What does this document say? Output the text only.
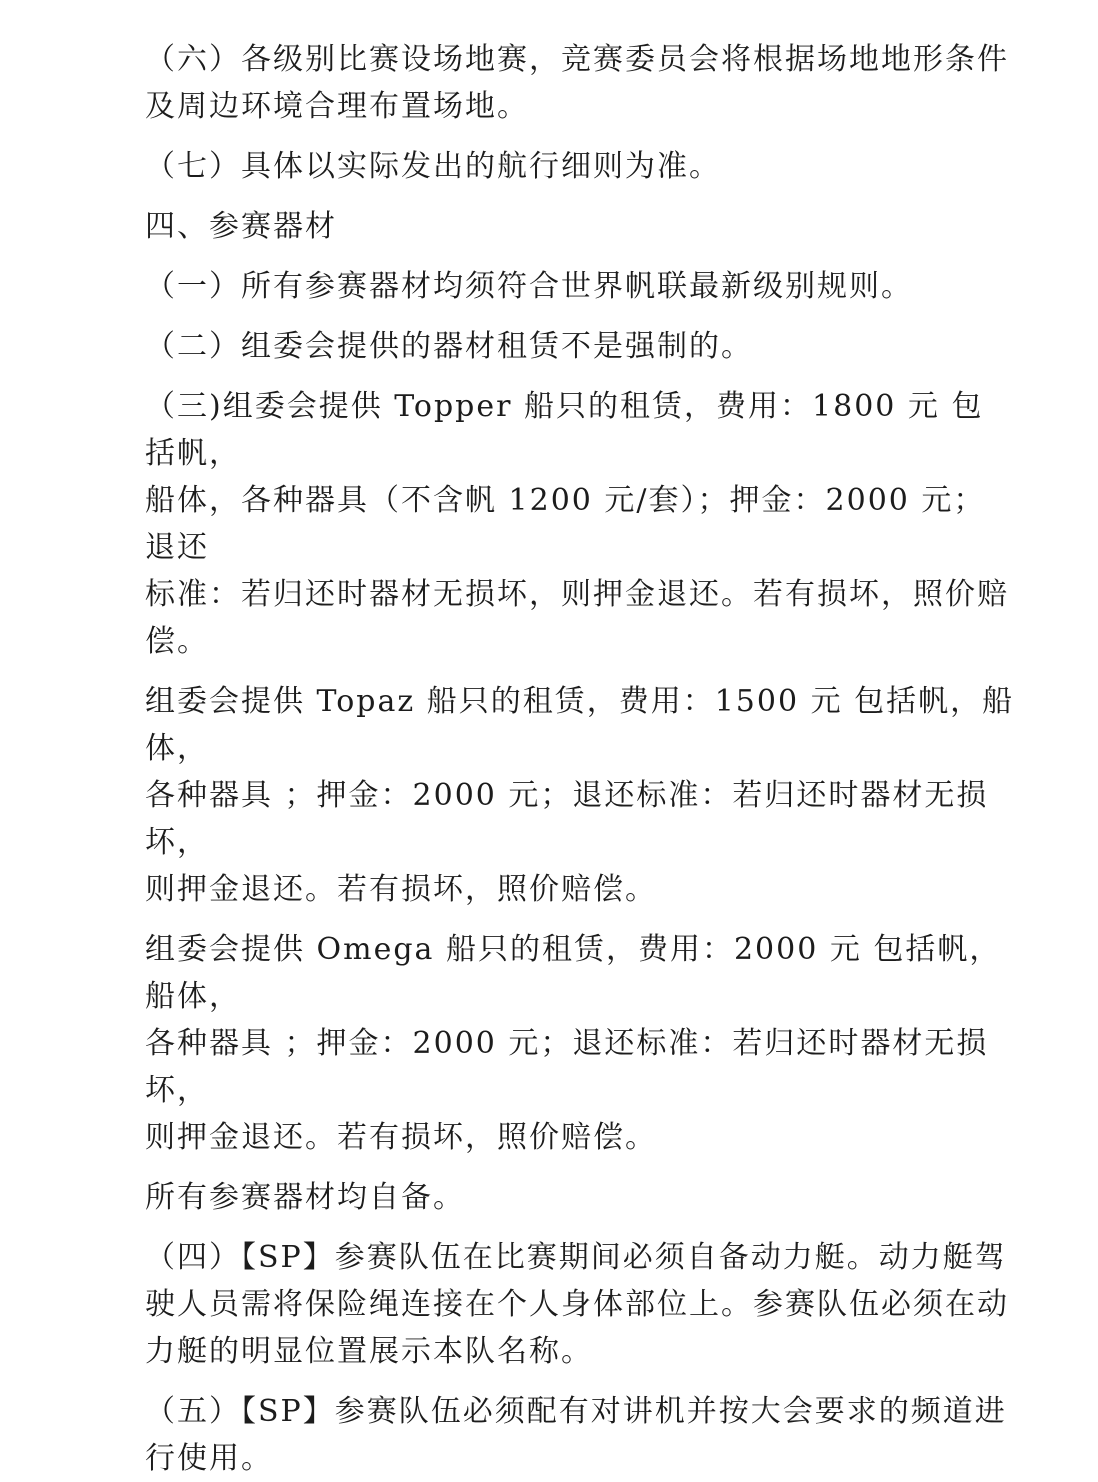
（六）各级别比赛设场地赛，竞赛委员会将根据场地地形条件
及周边环境合理布置场地。

（七）具体以实际发出的航行细则为准。

四、参赛器材

（一）所有参赛器材均须符合世界帆联最新级别规则。

（二）组委会提供的器材租赁不是强制的。

（三)组委会提供 Topper 船只的租赁，费用：1800 元 包括帆，
船体，各种器具（不含帆 1200 元/套）；押金：2000 元；退还
标准：若归还时器材无损坏，则押金退还。若有损坏，照价赔
偿。

组委会提供 Topaz 船只的租赁，费用：1500 元 包括帆，船体，
各种器具 ；押金：2000 元；退还标准：若归还时器材无损坏，
则押金退还。若有损坏，照价赔偿。

组委会提供 Omega 船只的租赁，费用：2000 元 包括帆，船体，
各种器具 ；押金：2000 元；退还标准：若归还时器材无损坏，
则押金退还。若有损坏，照价赔偿。

所有参赛器材均自备。

（四）【SP】参赛队伍在比赛期间必须自备动力艇。动力艇驾
驶人员需将保险绳连接在个人身体部位上。参赛队伍必须在动
力艇的明显位置展示本队名称。

（五）【SP】参赛队伍必须配有对讲机并按大会要求的频道进
行使用。
